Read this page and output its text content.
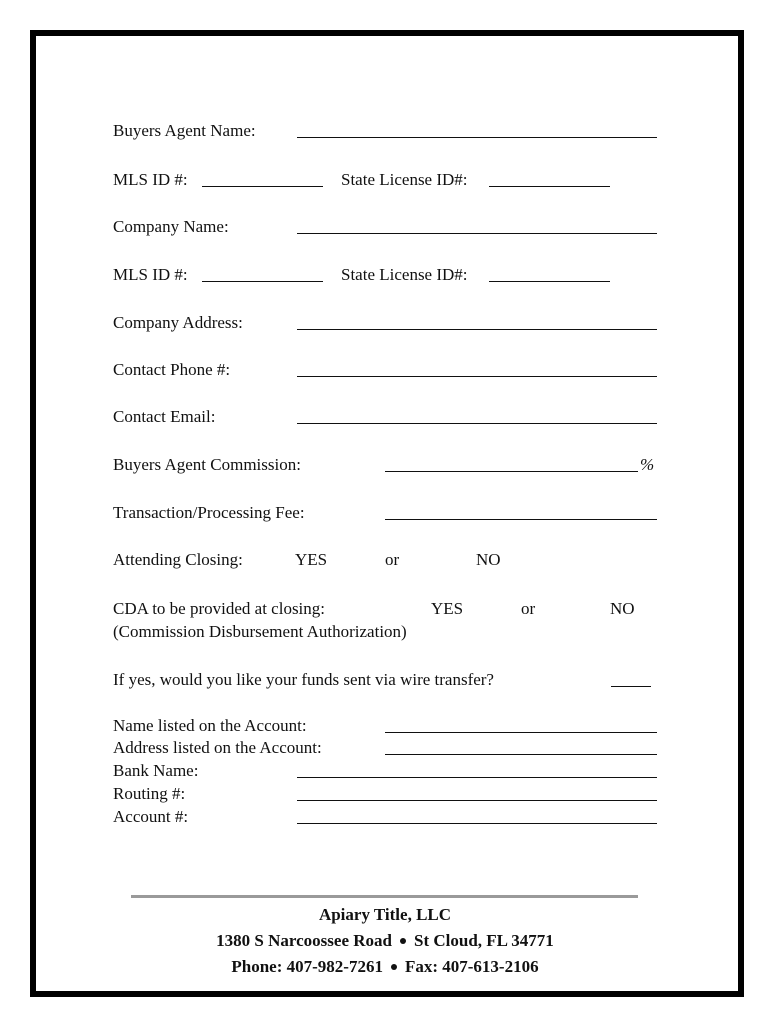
Buyers Agent Name:
MLS ID #:	State License ID#:
Company Name:
MLS ID #:	State License ID#:
Company Address:
Contact Phone #:
Contact Email:
Buyers Agent Commission:	%
Transaction/Processing Fee:
Attending Closing:	YES	or	NO
CDA to be provided at closing:	YES	or	NO
(Commission Disbursement Authorization)
If yes, would you like your funds sent via wire transfer?
Name listed on the Account:
Address listed on the Account:
Bank Name:
Routing #:
Account #:
Apiary Title, LLC
1380 S Narcoossee Road St Cloud, FL 34771
Phone: 407-982-7261 Fax: 407-613-2106
